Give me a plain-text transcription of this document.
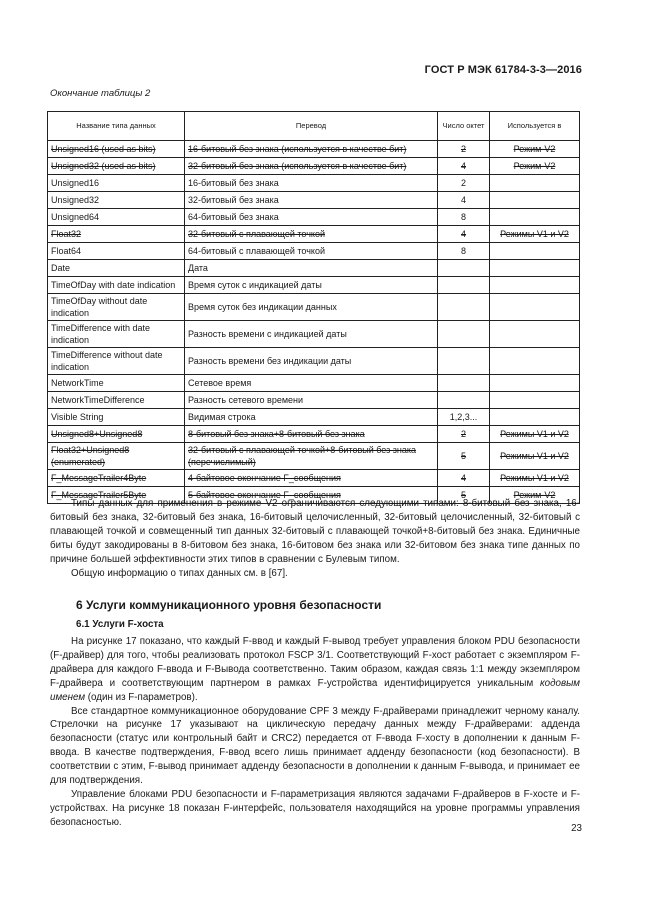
ГОСТ Р МЭК 61784-3-3—2016
Окончание таблицы 2
Название типа данных	Перевод	Число октет	Используется в
Unsigned16 (used as bits)	16-битовый без знака (используется в качестве бит)	2	Режим-V2
Unsigned32 (used as bits)	32-битовый без знака (используется в качестве бит)	4	Режим-V2
Unsigned16	16-битовый без знака	2	
Unsigned32	32-битовый без знака	4	
Unsigned64	64-битовый без знака	8	
Float32	32-битовый с плавающей точкой	4	Режимы V1 и V2
Float64	64-битовый с плавающей точкой	8	
Date	Дата		
TimeOfDay with date indication	Время суток с индикацией даты		
TimeOfDay without date indication	Время суток без индикации данных		
TimeDifference with date indication	Разность времени с индикацией даты		
TimeDifference without date indication	Разность времени без индикации даты		
NetworkTime	Сетевое время		
NetworkTimeDifference	Разность сетевого времени		
Visible String	Видимая строка	1,2,3...	
Unsigned8+Unsigned8	8-битовый без знака+8-битовый без знака	2	Режимы V1 и V2
Float32+Unsigned8 (enumerated)	32-битовый с плавающей точкой+8-битовый без знака (перечислимый)	5	Режимы V1 и V2
F_MessageTrailer4Byte	4-байтовое окончание F_сообщения	4	Режимы V1 и V2
F_MessageTrailer5Byte	5-байтовое окончание F_сообщения	5	Режим-V2

Типы данных для применения в режиме V2 ограничиваются следующими типами: 8-битовый без знака, 16-битовый без знака, 32-битовый без знака, 16-битовый целочисленный, 32-битовый целочисленный, 32-битовый с плавающей точкой и совмещенный тип данных 32-битовый с плавающей точкой+8-битовый без знака. Единичные биты будут закодированы в 8-битовом без знака, 16-битовом без знака или 32-битовом без знака типе данных по причине большей эффективности этих типов в сравнении с Булевым типом.

Общую информацию о типах данных см. в [67].

6 Услуги коммуникационного уровня безопасности
6.1 Услуги F-хоста

На рисунке 17 показано, что каждый F-ввод и каждый F-вывод требует управления блоком PDU безопасности (F-драйвер) для того, чтобы реализовать протокол FSCP 3/1. Соответствующий F-хост работает с экземпляром F-драйвера для каждого F-ввода и F-Вывода соответственно. Таким образом, каждая связь 1:1 между экземпляром F-драйвера и соответствующим партнером в рамках F-устройства идентифицируется уникальным кодовым именем (один из F-параметров).

Все стандартное коммуникационное оборудование CPF 3 между F-драйверами принадлежит черному каналу. Стрелочки на рисунке 17 указывают на циклическую передачу данных между F-драйверами: адденда безопасности (статус или контрольный байт и CRC2) передается от F-ввода F-хосту в дополнении к данным F-ввода. В качестве подтверждения, F-ввод всего лишь принимает адденду безопасности (код безопасности). В соответствии с этим, F-вывод принимает адденду безопасности в дополнении к данным F-вывода, и принимает ее для подтверждения.

Управление блоками PDU безопасности и F-параметризация являются задачами F-драйверов в F-хосте и F-устройствах. На рисунке 18 показан F-интерфейс, пользователя находящийся на уровне программы управления безопасностью.

23
